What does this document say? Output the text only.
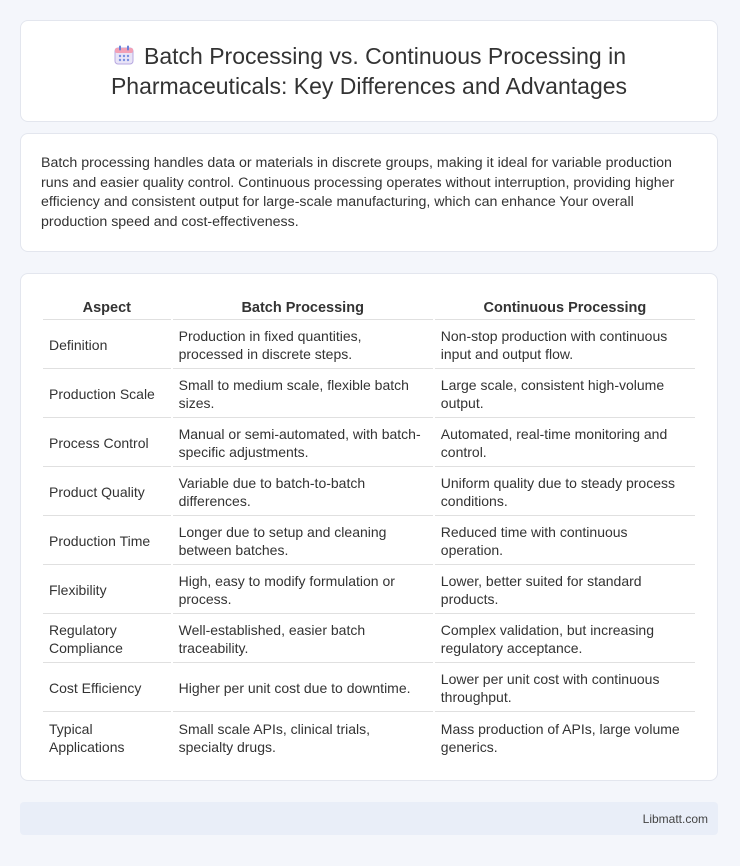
Batch Processing vs. Continuous Processing in Pharmaceuticals: Key Differences and Advantages

Batch processing handles data or materials in discrete groups, making it ideal for variable production runs and easier quality control. Continuous processing operates without interruption, providing higher efficiency and consistent output for large-scale manufacturing, which can enhance Your overall production speed and cost-effectiveness.

Aspect	Batch Processing	Continuous Processing
Definition	Production in fixed quantities, processed in discrete steps.	Non-stop production with continuous input and output flow.
Production Scale	Small to medium scale, flexible batch sizes.	Large scale, consistent high-volume output.
Process Control	Manual or semi-automated, with batch-specific adjustments.	Automated, real-time monitoring and control.
Product Quality	Variable due to batch-to-batch differences.	Uniform quality due to steady process conditions.
Production Time	Longer due to setup and cleaning between batches.	Reduced time with continuous operation.
Flexibility	High, easy to modify formulation or process.	Lower, better suited for standard products.
Regulatory Compliance	Well-established, easier batch traceability.	Complex validation, but increasing regulatory acceptance.
Cost Efficiency	Higher per unit cost due to downtime.	Lower per unit cost with continuous throughput.
Typical Applications	Small scale APIs, clinical trials, specialty drugs.	Mass production of APIs, large volume generics.
Libmatt.com
